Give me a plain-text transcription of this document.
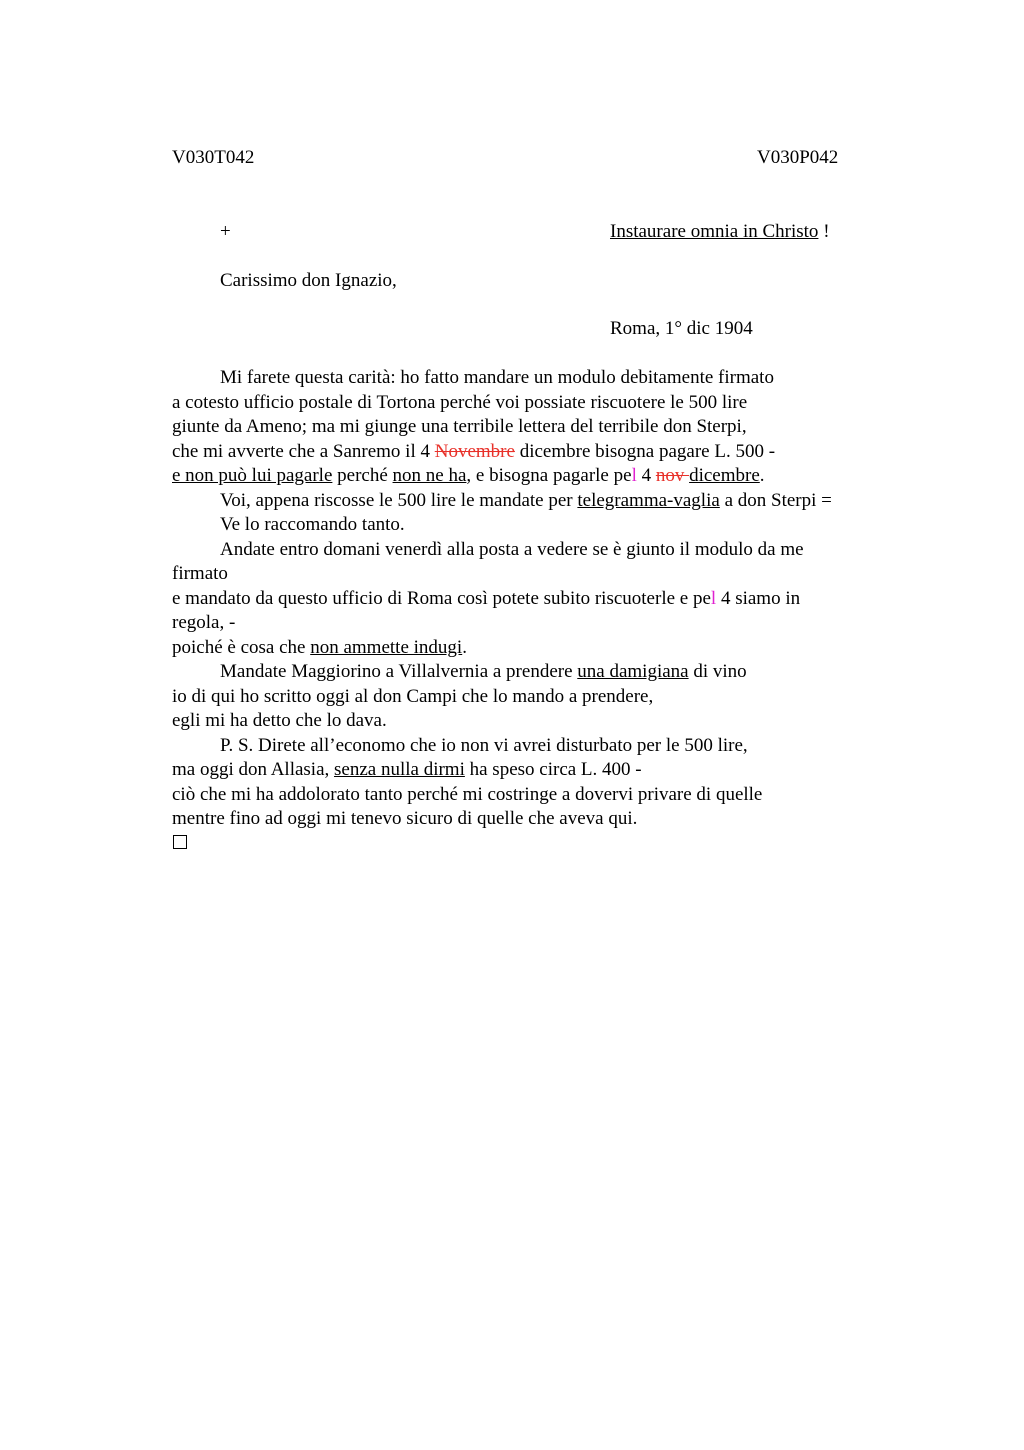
V030T042	V030P042
+	Instaurare omnia in Christo !
Carissimo don Ignazio,
Roma, 1° dic 1904
Mi farete questa carità: ho fatto mandare un modulo debitamente firmato
a cotesto ufficio postale di Tortona perché voi possiate riscuotere le 500 lire
giunte da Ameno; ma mi giunge una terribile lettera del terribile don Sterpi,
che mi avverte che a Sanremo il 4 Novembre dicembre bisogna pagare L. 500 -
e non può lui pagarle perché non ne ha, e bisogna pagarle pel 4 nov dicembre.
Voi, appena riscosse le 500 lire le mandate per telegramma-vaglia a don Sterpi =
Ve lo raccomando tanto.
Andate entro domani venerdì alla posta a vedere se è giunto il modulo da me
firmato
e mandato da questo ufficio di Roma così potete subito riscuoterle e pel 4 siamo in
regola, -
poiché è cosa che non ammette indugi.
Mandate Maggiorino a Villalvernia a prendere una damigiana di vino
io di qui ho scritto oggi al don Campi che lo mando a prendere,
egli mi ha detto che lo dava.
P. S. Direte all’economo che io non vi avrei disturbato per le 500 lire,
ma oggi don Allasia, senza nulla dirmi ha speso circa L. 400 -
ciò che mi ha addolorato tanto perché mi costringe a dovervi privare di quelle
mentre fino ad oggi mi tenevo sicuro di quelle che aveva qui.
